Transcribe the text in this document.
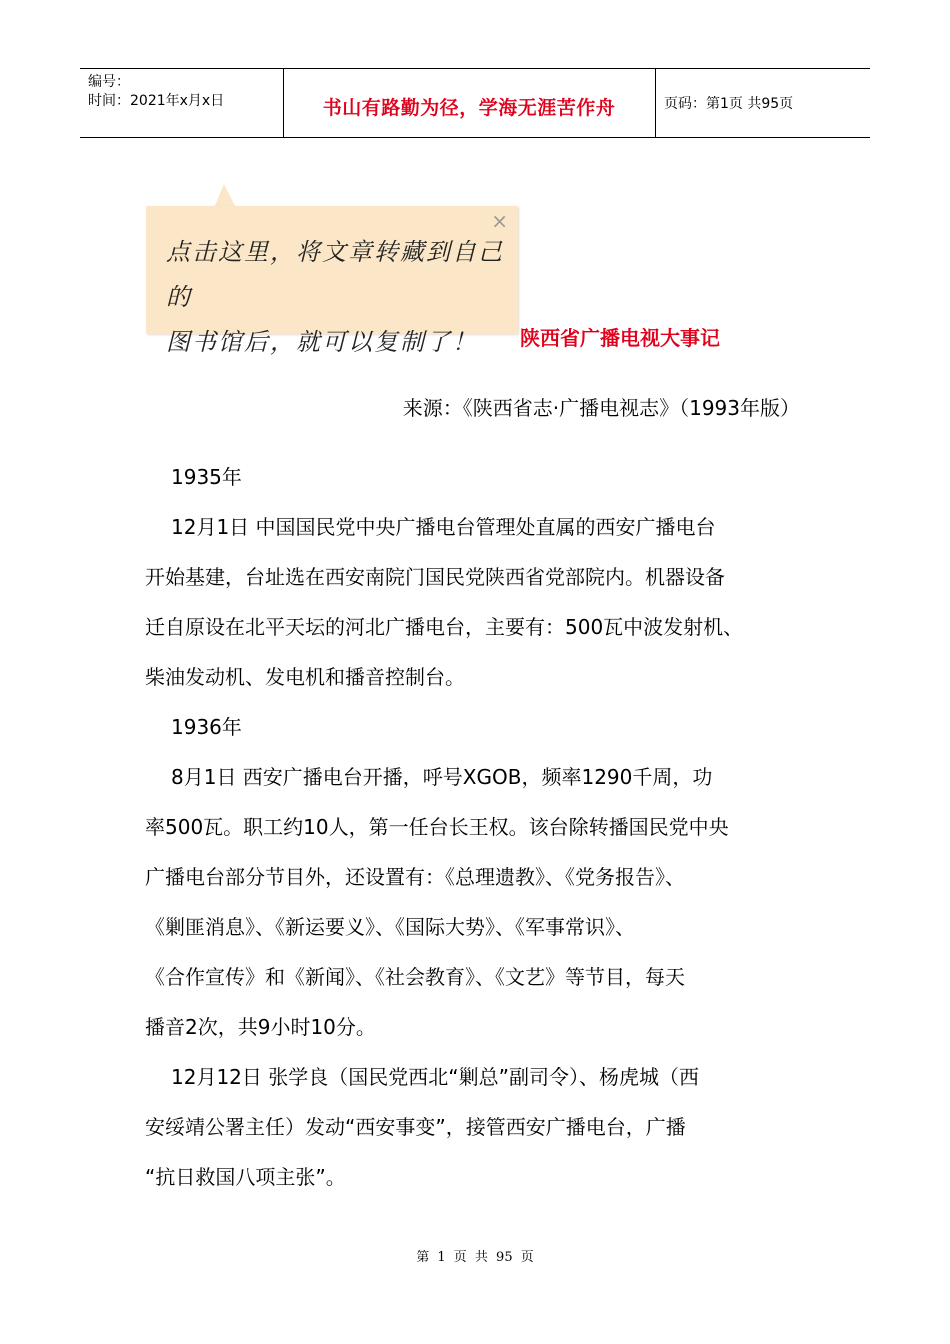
编号：
时间：2021年x月x日	书山有路勤为径，学海无涯苦作舟	页码：第1页 共95页
×
点击这里，将文章转藏到自己的
图书馆后，就可以复制了！	陕西省广播电视大事记
来源：《陕西省志·广播电视志》（1993年版）

1935年

12月1日 中国国民党中央广播电台管理处直属的西安广播电台

开始基建，台址选在西安南院门国民党陕西省党部院内。机器设备

迁自原设在北平天坛的河北广播电台，主要有：500瓦中波发射机、

柴油发动机、发电机和播音控制台。

1936年

8月1日 西安广播电台开播，呼号XGOB，频率1290千周，功

率500瓦。职工约10人，第一任台长王权。该台除转播国民党中央

广播电台部分节目外，还设置有：《总理遗教》、《党务报告》、

《剿匪消息》、《新运要义》、《国际大势》、《军事常识》、

《合作宣传》和《新闻》、《社会教育》、《文艺》等节目，每天

播音2次，共9小时10分。

12月12日 张学良（国民党西北“剿总”副司令）、杨虎城（西

安绥靖公署主任）发动“西安事变”，接管西安广播电台，广播

“抗日救国八项主张”。

第 1 页 共 95 页
